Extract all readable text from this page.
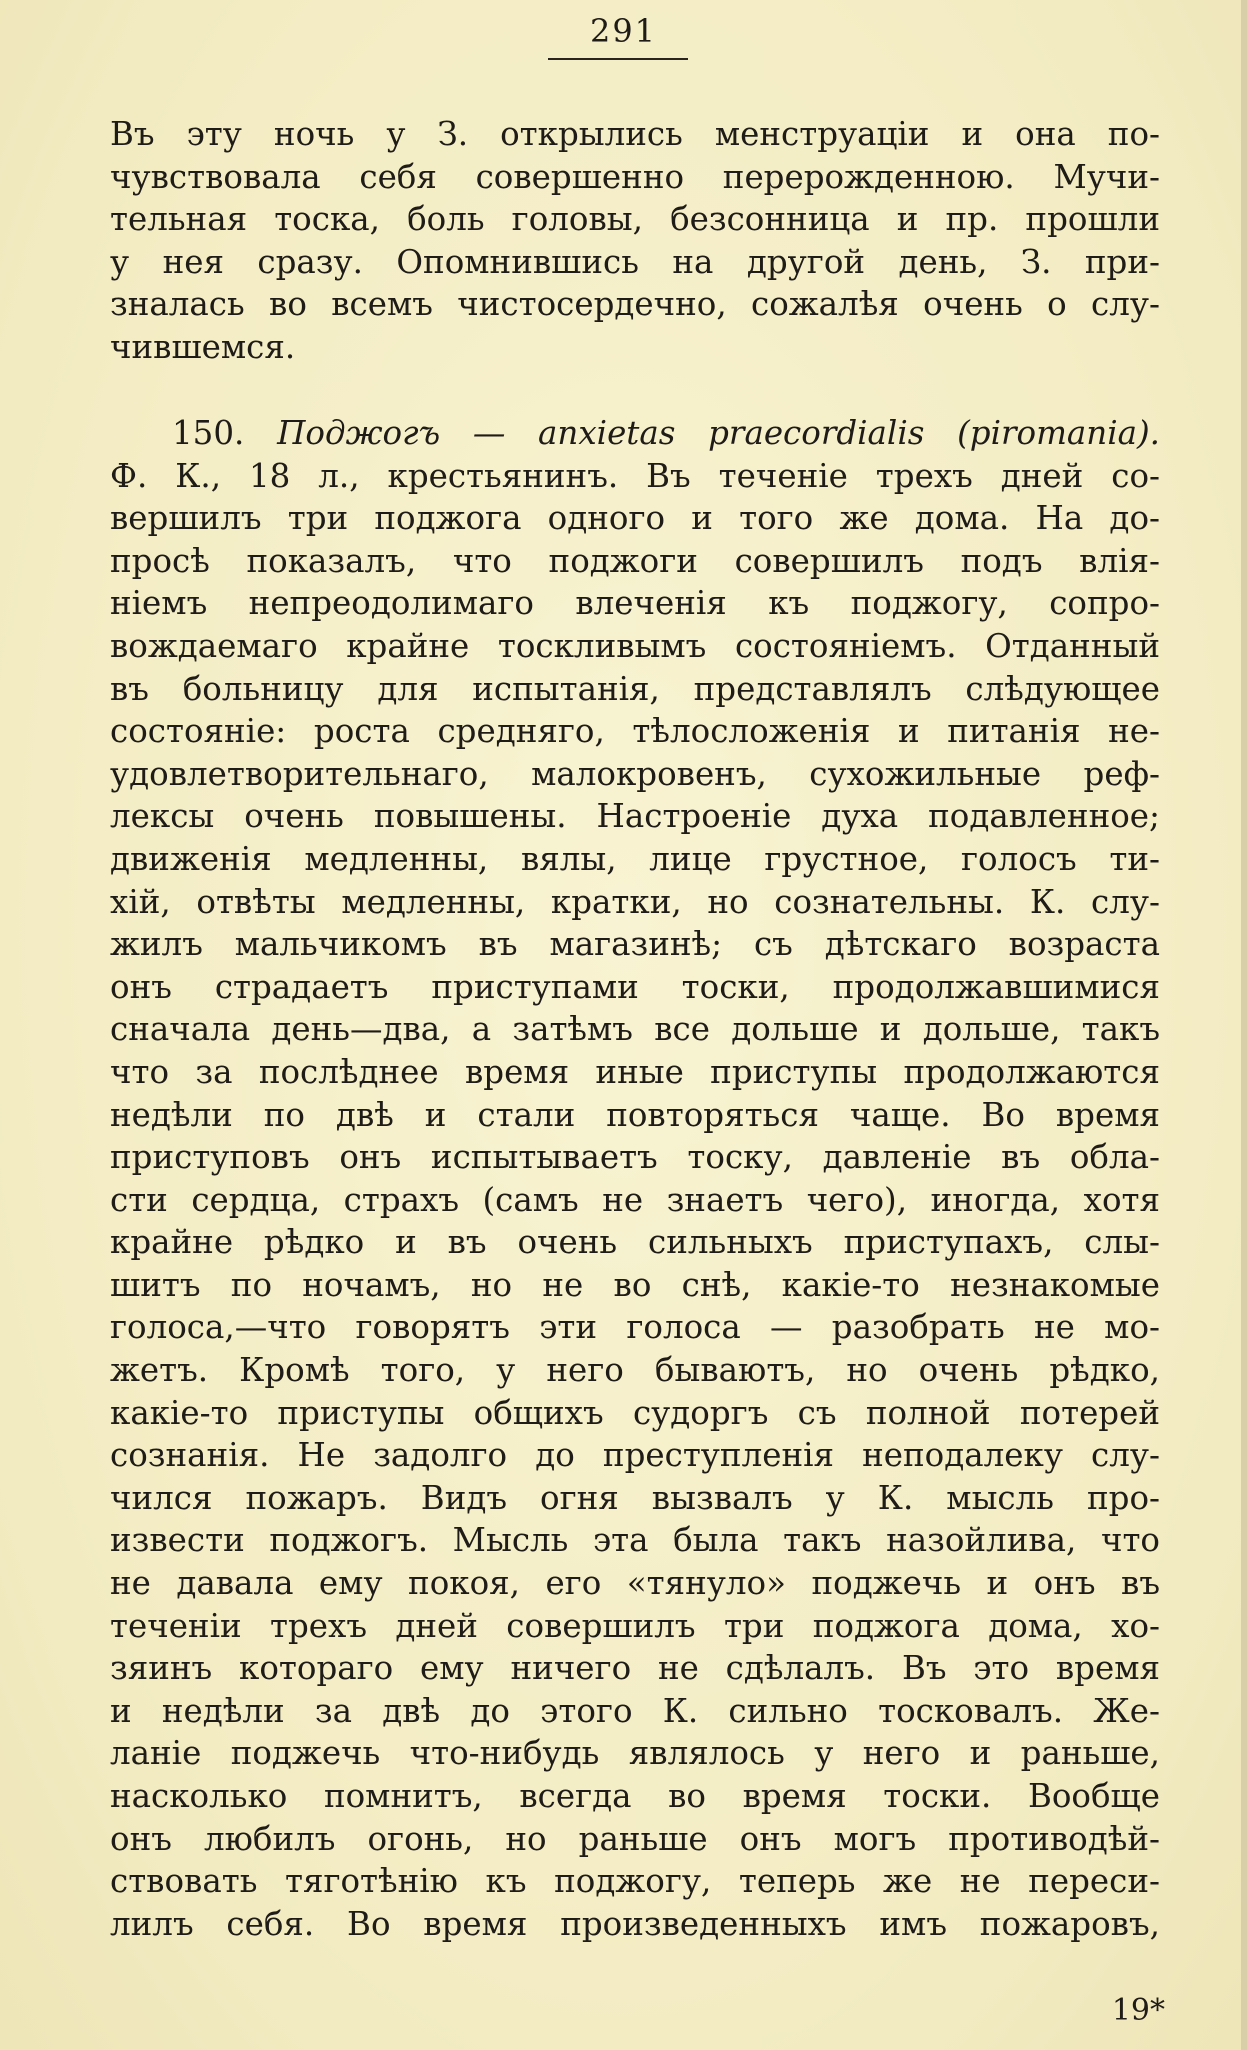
291
Въ эту ночь у З. открылись менструаціи и она по-
чувствовала себя совершенно перерожденною. Мучи-
тельная тоска, боль головы, безсонница и пр. прошли
у нея сразу. Опомнившись на другой день, З. при-
зналась во всемъ чистосердечно, сожалѣя очень о слу-
чившемся.
150. Поджогъ — anxietas praecordialis (piromania).
Ф. К., 18 л., крестьянинъ. Въ теченіе трехъ дней со-
вершилъ три поджога одного и того же дома. На до-
просѣ показалъ, что поджоги совершилъ подъ влія-
ніемъ непреодолимаго влеченія къ поджогу, сопро-
вождаемаго крайне тоскливымъ состояніемъ. Отданный
въ больницу для испытанія, представлялъ слѣдующее
состояніе: роста средняго, тѣлосложенія и питанія не-
удовлетворительнаго, малокровенъ, сухожильные реф-
лексы очень повышены. Настроеніе духа подавленное;
движенія медленны, вялы, лице грустное, голосъ ти-
хій, отвѣты медленны, кратки, но сознательны. К. слу-
жилъ мальчикомъ въ магазинѣ; съ дѣтскаго возраста
онъ страдаетъ приступами тоски, продолжавшимися
сначала день—два, а затѣмъ все дольше и дольше, такъ
что за послѣднее время иные приступы продолжаются
недѣли по двѣ и стали повторяться чаще. Во время
приступовъ онъ испытываетъ тоску, давленіе въ обла-
сти сердца, страхъ (самъ не знаетъ чего), иногда, хотя
крайне рѣдко и въ очень сильныхъ приступахъ, слы-
шитъ по ночамъ, но не во снѣ, какіе-то незнакомые
голоса,—что говорятъ эти голоса — разобрать не мо-
жетъ. Кромѣ того, у него бываютъ, но очень рѣдко,
какіе-то приступы общихъ судоргъ съ полной потерей
сознанія. Не задолго до преступленія неподалеку слу-
чился пожаръ. Видъ огня вызвалъ у К. мысль про-
извести поджогъ. Мысль эта была такъ назойлива, что
не давала ему покоя, его «тянуло» поджечь и онъ въ
теченіи трехъ дней совершилъ три поджога дома, хо-
зяинъ котораго ему ничего не сдѣлалъ. Въ это время
и недѣли за двѣ до этого К. сильно тосковалъ. Же-
ланіе поджечь что-нибудь являлось у него и раньше,
насколько помнитъ, всегда во время тоски. Вообще
онъ любилъ огонь, но раньше онъ могъ противодѣй-
ствовать тяготѣнію къ поджогу, теперь же не переси-
лилъ себя. Во время произведенныхъ имъ пожаровъ,
19*
